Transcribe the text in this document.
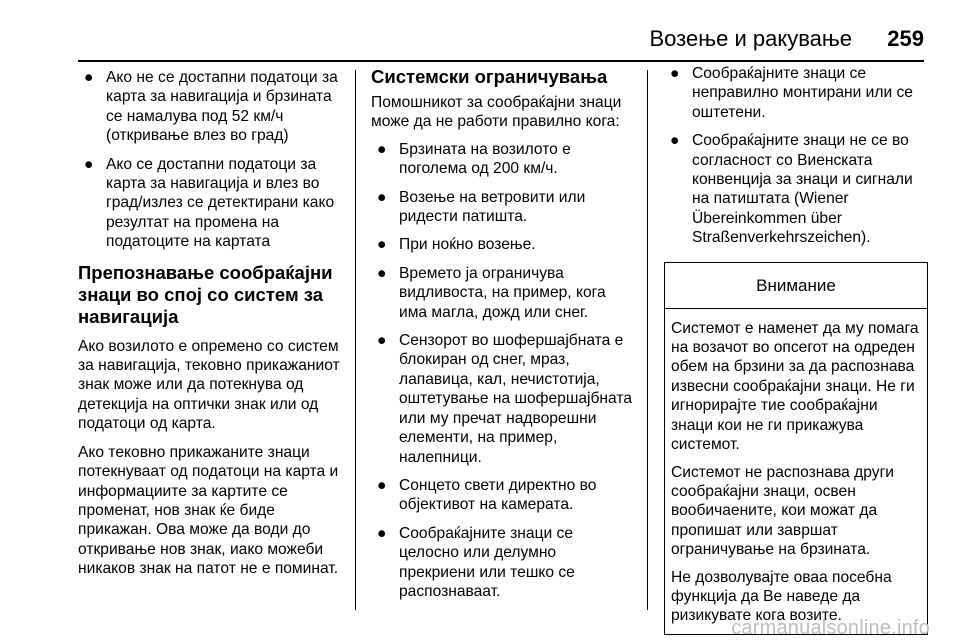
Возење и ракување 259
● Ако не се достапни податоци за карта за навигација и брзината се намалува под 52 км/ч (откривање влез во град)
● Ако се достапни податоци за карта за навигација и влез во град/излез се детектирани како резултат на промена на податоците на картата
Препознавање сообраќајни знаци во спој со систем за навигација

Ако возилото е опремено со систем за навигација, тековно прикажаниот знак може или да потекнува од детекција на оптички знак или од податоци од карта.

Ако тековно прикажаните знаци потекнуваат од податоци на карта и информациите за картите се променат, нов знак ќе биде прикажан. Ова може да води до откривање нов знак, иако можеби никаков знак на патот не е поминат.

Системски ограничувања

Помошникот за сообраќајни знаци може да не работи правилно кога:

● Брзината на возилото е поголема од 200 км/ч.
● Возење на ветровити или ридести патишта.
● При ноќно возење.
● Времето ја ограничува видливоста, на пример, кога има магла, дожд или снег.
● Сензорот во шофершајбната е блокиран од снег, мраз, лапавица, кал, нечистотија, оштетување на шофершајбната или му пречат надворешни елементи, на пример, налепници.
● Сонцето свети директно во објективот на камерата.
● Сообраќајните знаци се целосно или делумно прекриени или тешко се распознаваат.
● Сообраќајните знаци се неправилно монтирани или се оштетени.
● Сообраќајните знаци не се во согласност со Виенската конвенција за знаци и сигнали на патиштата (Wiener Übereinkommen über Straßenverkehrszeichen).
Внимание

Системот е наменет да му помага на возачот во опсегот на одреден обем на брзини за да распознава извесни сообраќајни знаци. Не ги игнорирајте тие сообраќајни знаци кои не ги прикажува системот.

Системот не распознава други сообраќајни знаци, освен вообичаените, кои можат да пропишат или завршат ограничување на брзината.

Не дозволувајте оваа посебна функција да Ве наведе да ризикувате кога возите.

carmanualsonline.info
